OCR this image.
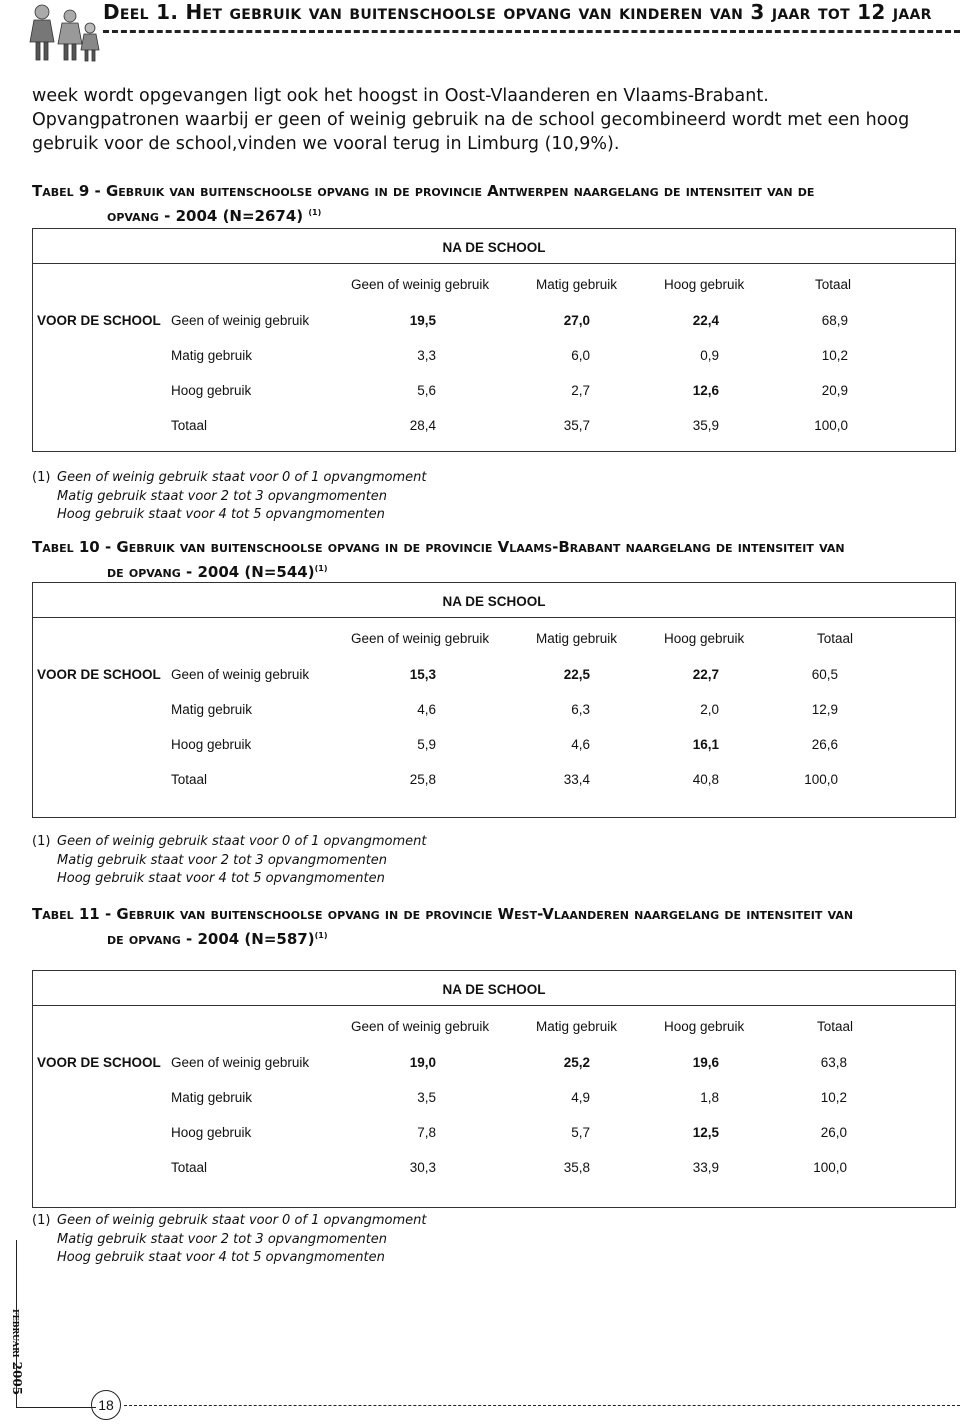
Deel 1. Het gebruik van buitenschoolse opvang van kinderen van 3 jaar tot 12 jaar

week wordt opgevangen ligt ook het hoogst in Oost-Vlaanderen en Vlaams-Brabant.
Opvangpatronen waarbij er geen of weinig gebruik na de school gecombineerd wordt met een hoog gebruik voor de school,vinden we vooral terug in Limburg (10,9%).

Tabel 9 - Gebruik van buitenschoolse opvang in de provincie Antwerpen naargelang de intensiteit van de
opvang - 2004 (N=2674) $^{(1)}$
NA DE SCHOOL
Geen of weinig gebruik	Matig gebruik	Hoog gebruik	Totaal
VOOR DE SCHOOL Geen of weinig gebruik	19,5	27,0	22,4	68,9
Matig gebruik	3,3	6,0	0,9	10,2
Hoog gebruik	5,6	2,7	12,6	20,9
Totaal	28,4	35,7	35,9	100,0
(1) Geen of weinig gebruik staat voor 0 of 1 opvangmoment
Matig gebruik staat voor 2 tot 3 opvangmomenten
Hoog gebruik staat voor 4 tot 5 opvangmomenten
Tabel 10 - Gebruik van buitenschoolse opvang in de provincie Vlaams-Brabant naargelang de intensiteit van
de opvang - 2004 (N=544)$^{(1)}$
NA DE SCHOOL
Geen of weinig gebruik	Matig gebruik	Hoog gebruik	Totaal
VOOR DE SCHOOL Geen of weinig gebruik	15,3	22,5	22,7	60,5
Matig gebruik	4,6	6,3	2,0	12,9
Hoog gebruik	5,9	4,6	16,1	26,6
Totaal	25,8	33,4	40,8	100,0
(1) Geen of weinig gebruik staat voor 0 of 1 opvangmoment
Matig gebruik staat voor 2 tot 3 opvangmomenten
Hoog gebruik staat voor 4 tot 5 opvangmomenten
Tabel 11 - Gebruik van buitenschoolse opvang in de provincie West-Vlaanderen naargelang de intensiteit van
de opvang - 2004 (N=587)$^{(1)}$
NA DE SCHOOL
Geen of weinig gebruik	Matig gebruik	Hoog gebruik	Totaal
VOOR DE SCHOOL Geen of weinig gebruik	19,0	25,2	19,6	63,8
Matig gebruik	3,5	4,9	1,8	10,2
Hoog gebruik	7,8	5,7	12,5	26,0
Totaal	30,3	35,8	33,9	100,0
(1) Geen of weinig gebruik staat voor 0 of 1 opvangmoment
Matig gebruik staat voor 2 tot 3 opvangmomenten
Hoog gebruik staat voor 4 tot 5 opvangmomenten
februari 2005
18
